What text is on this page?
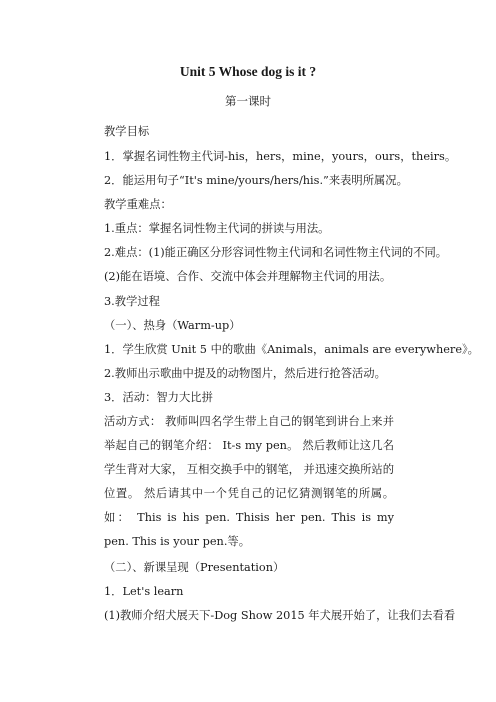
Unit 5 Whose dog is it ?
第一课时
教学目标
1．掌握名词性物主代词-his，hers，mine，yours，ours，theirs。
2．能运用句子“It's mine/yours/hers/his.”来表明所属况。
教学重难点：
1.重点：掌握名词性物主代词的拼读与用法。
2.难点：(1)能正确区分形容词性物主代词和名词性物主代词的不同。
(2)能在语境、合作、交流中体会并理解物主代词的用法。
3.教学过程
（一）、热身（Warm-up）
1．学生欣赏 Unit 5 中的歌曲《Animals，animals are everywhere》。
2.教师出示歌曲中提及的动物图片，然后进行抢答活动。
3．活动：智力大比拼
活动方式： 教师叫四名学生带上自己的钢笔到讲台上来并举起自己的钢笔介绍： It-s my pen。 然后教师让这几名学生背对大家， 互相交换手中的钢笔， 并迅速交换所站的位置。 然后请其中一个凭自己的记忆猜测钢笔的所属。 如： This is his pen. Thisis her pen. This is my pen. This is your pen.等。
（二）、新课呈现（Presentation）
1．Let's learn
(1)教师介绍犬展天下-Dog Show 2015 年犬展开始了，让我们去看看
